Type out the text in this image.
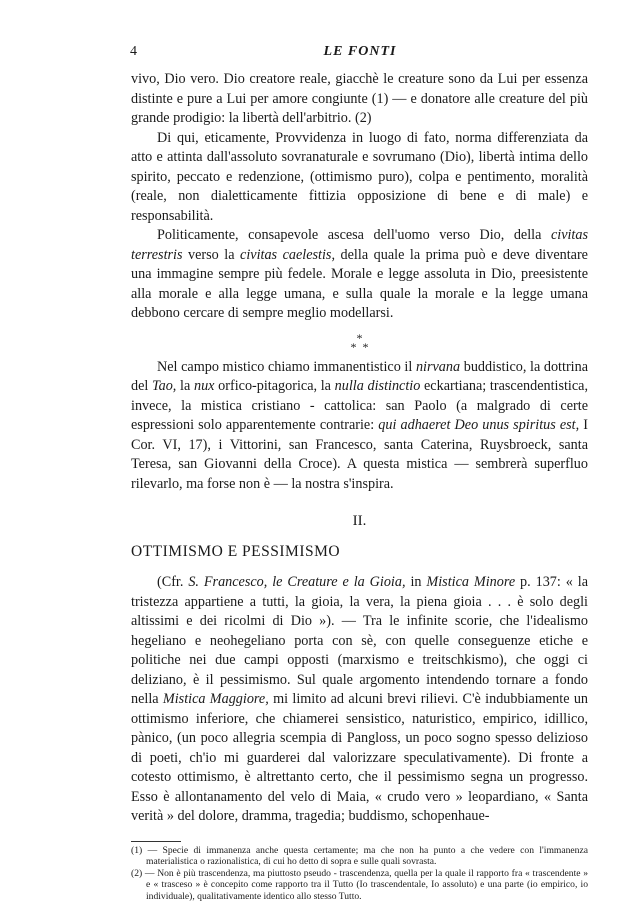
4	LE FONTI

vivo, Dio vero. Dio creatore reale, giacchè le creature sono da Lui per essenza distinte e pure a Lui per amore congiunte (1) — e donatore alle creature del più grande prodigio: la libertà dell'arbitrio. (2)

Di qui, eticamente, Provvidenza in luogo di fato, norma differenziata da atto e attinta dall'assoluto sovranaturale e sovrumano (Dio), libertà intima dello spirito, peccato e redenzione, (ottimismo puro), colpa e pentimento, moralità (reale, non dialetticamente fittizia opposizione di bene e di male) e responsabilità.

Politicamente, consapevole ascesa dell'uomo verso Dio, della civitas terrestris verso la civitas caelestis, della quale la prima può e deve diventare una immagine sempre più fedele. Morale e legge assoluta in Dio, preesistente alla morale e alla legge umana, e sulla quale la morale e la legge umana debbono cercare di sempre meglio modellarsi.

*
* *

Nel campo mistico chiamo immanentistico il nirvana buddistico, la dottrina del Tao, la nux orfico-pitagorica, la nulla distinctio eckartiana; trascendentistica, invece, la mistica cristiano - cattolica: san Paolo (a malgrado di certe espressioni solo apparentemente contrarie: qui adhaeret Deo unus spiritus est, I Cor. VI, 17), i Vittorini, san Francesco, santa Caterina, Ruysbroeck, santa Teresa, san Giovanni della Croce). A questa mistica — sembrerà superfluo rilevarlo, ma forse non è — la nostra s'inspira.

II.
OTTIMISMO E PESSIMISMO

(Cfr. S. Francesco, le Creature e la Gioia, in Mistica Minore p. 137: « la tristezza appartiene a tutti, la gioia, la vera, la piena gioia . . . è solo degli altissimi e dei ricolmi di Dio »). — Tra le infinite scorie, che l'idealismo hegeliano e neohegeliano porta con sè, con quelle conseguenze etiche e politiche nei due campi opposti (marxismo e treitschkismo), che oggi ci deliziano, è il pessimismo. Sul quale argomento intendendo tornare a fondo nella Mistica Maggiore, mi limito ad alcuni brevi rilievi. C'è indubbiamente un ottimismo inferiore, che chiamerei sensistico, naturistico, empirico, idillico, pànico, (un poco allegria scempia di Pangloss, un poco sogno spesso delizioso di poeti, ch'io mi guarderei dal valorizzare speculativamente). Di fronte a cotesto ottimismo, è altrettanto certo, che il pessimismo segna un progresso. Esso è allontanamento del velo di Maia, « crudo vero » leopardiano, « Santa verità » del dolore, dramma, tragedia; buddismo, schopenhaue-

(1) — Specie di immanenza anche questa certamente; ma che non ha punto a che vedere con l'immanenza materialistica o razionalistica, di cui ho detto di sopra e sulle quali sovrasta.

(2) — Non è più trascendenza, ma piuttosto pseudo - trascendenza, quella per la quale il rapporto fra « trascendente » e « trasceso » è concepito come rapporto tra il Tutto (Io trascendentale, Io assoluto) e una parte (io empirico, io individuale), qualitativamente identico allo stesso Tutto.
